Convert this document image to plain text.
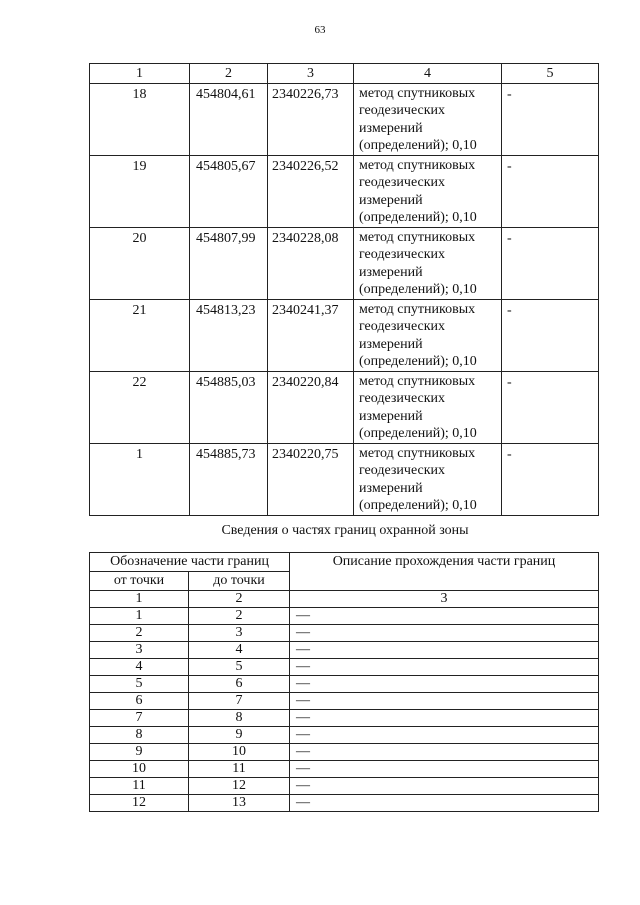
63
1	2	3	4	5
18	454804,61	2340226,73	метод спутниковых
геодезических
измерений
(определений); 0,10	-
19	454805,67	2340226,52	метод спутниковых
геодезических
измерений
(определений); 0,10	-
20	454807,99	2340228,08	метод спутниковых
геодезических
измерений
(определений); 0,10	-
21	454813,23	2340241,37	метод спутниковых
геодезических
измерений
(определений); 0,10	-
22	454885,03	2340220,84	метод спутниковых
геодезических
измерений
(определений); 0,10	-
1	454885,73	2340220,75	метод спутниковых
геодезических
измерений
(определений); 0,10	-
Сведения о частях границ охранной зоны
Обозначение части границ		Описание прохождения части границ
от точки	до точки	
1	2	3
1	2	—
2	3	—
3	4	—
4	5	—
5	6	—
6	7	—
7	8	—
8	9	—
9	10	—
10	11	—
11	12	—
12	13	—
